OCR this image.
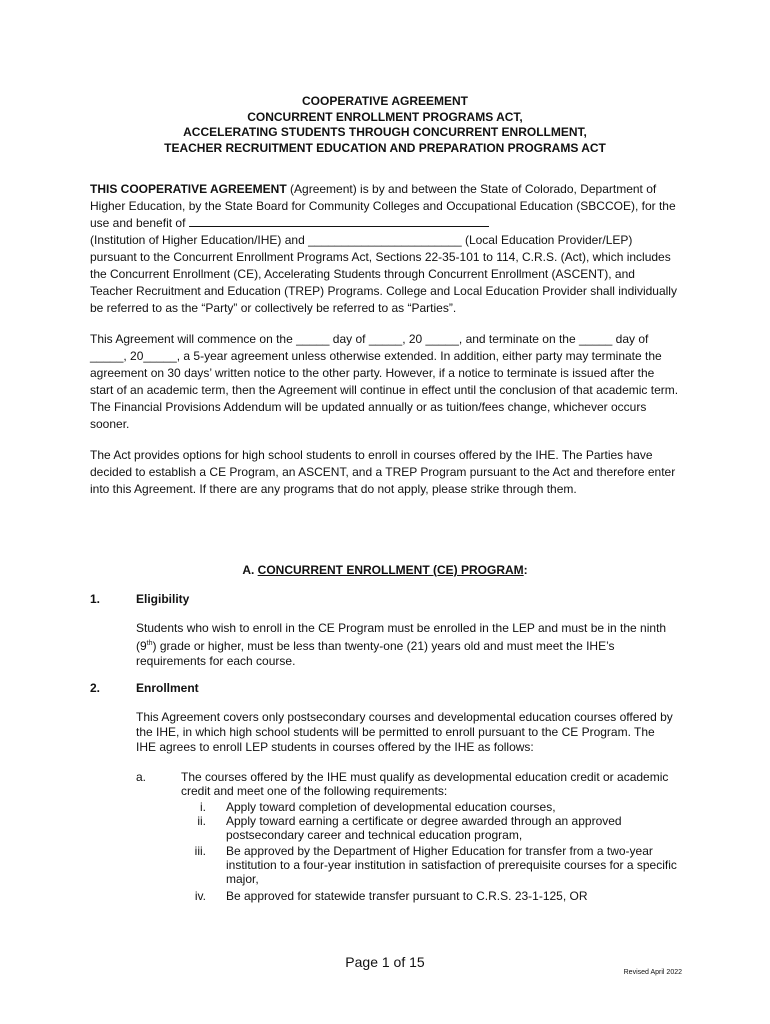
COOPERATIVE AGREEMENT
CONCURRENT ENROLLMENT PROGRAMS ACT,
ACCELERATING STUDENTS THROUGH CONCURRENT ENROLLMENT,
TEACHER RECRUITMENT EDUCATION AND PREPARATION PROGRAMS ACT
THIS COOPERATIVE AGREEMENT (Agreement) is by and between the State of Colorado, Department of Higher Education, by the State Board for Community Colleges and Occupational Education (SBCCOE), for the use and benefit of
(Institution of Higher Education/IHE) and _______________________ (Local Education Provider/LEP) pursuant to the Concurrent Enrollment Programs Act, Sections 22-35-101 to 114, C.R.S. (Act), which includes the Concurrent Enrollment (CE), Accelerating Students through Concurrent Enrollment (ASCENT), and Teacher Recruitment and Education (TREP) Programs. College and Local Education Provider shall individually be referred to as the “Party” or collectively be referred to as “Parties”.
This Agreement will commence on the _____ day of _____, 20 _____, and terminate on the _____ day of _____, 20_____, a 5-year agreement unless otherwise extended. In addition, either party may terminate the agreement on 30 days’ written notice to the other party. However, if a notice to terminate is issued after the start of an academic term, then the Agreement will continue in effect until the conclusion of that academic term. The Financial Provisions Addendum will be updated annually or as tuition/fees change, whichever occurs sooner.
The Act provides options for high school students to enroll in courses offered by the IHE. The Parties have decided to establish a CE Program, an ASCENT, and a TREP Program pursuant to the Act and therefore enter into this Agreement. If there are any programs that do not apply, please strike through them.
A. CONCURRENT ENROLLMENT (CE) PROGRAM:
1.	Eligibility
Students who wish to enroll in the CE Program must be enrolled in the LEP and must be in the ninth (9th) grade or higher, must be less than twenty-one (21) years old and must meet the IHE’s requirements for each course.
2.	Enrollment
This Agreement covers only postsecondary courses and developmental education courses offered by the IHE, in which high school students will be permitted to enroll pursuant to the CE Program. The IHE agrees to enroll LEP students in courses offered by the IHE as follows:
a.	The courses offered by the IHE must qualify as developmental education credit or academic credit and meet one of the following requirements:
i. Apply toward completion of developmental education courses,
ii. Apply toward earning a certificate or degree awarded through an approved postsecondary career and technical education program,
iii. Be approved by the Department of Higher Education for transfer from a two-year institution to a four-year institution in satisfaction of prerequisite courses for a specific major,
iv. Be approved for statewide transfer pursuant to C.R.S. 23-1-125, OR
Page 1 of 15
Revised April 2022
